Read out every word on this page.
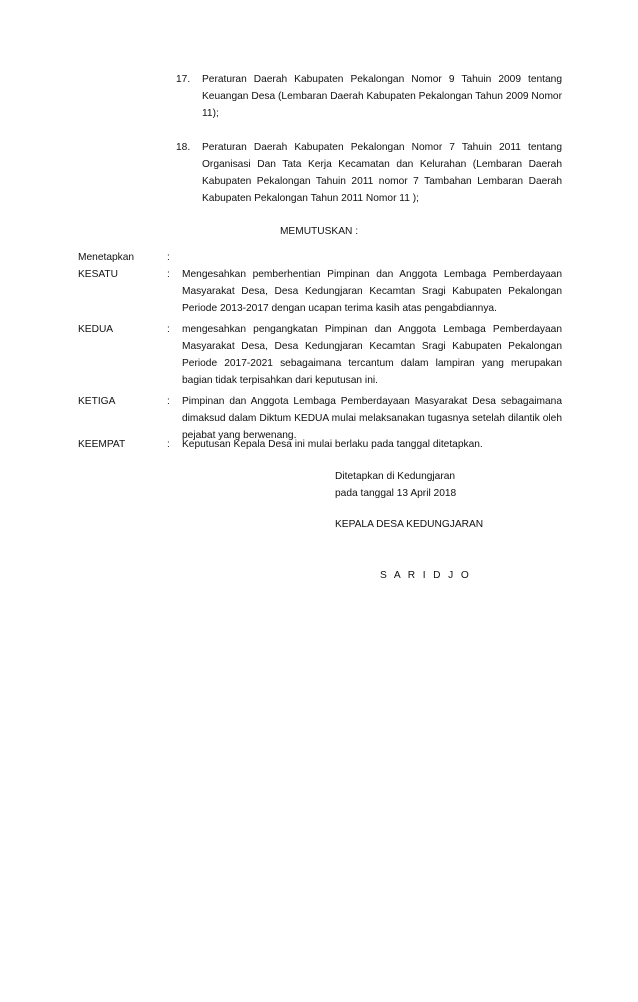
17.	Peraturan Daerah Kabupaten Pekalongan Nomor 9 Tahuin 2009 tentang Keuangan Desa (Lembaran Daerah Kabupaten Pekalongan Tahun 2009 Nomor 11);
18.	Peraturan Daerah Kabupaten Pekalongan Nomor 7 Tahuin 2011 tentang Organisasi Dan Tata Kerja Kecamatan dan Kelurahan (Lembaran Daerah Kabupaten Pekalongan Tahuin 2011 nomor 7 Tambahan Lembaran Daerah Kabupaten Pekalongan Tahun 2011 Nomor 11 );
MEMUTUSKAN :
Menetapkan	:
KESATU	:	Mengesahkan pemberhentian Pimpinan dan Anggota Lembaga Pemberdayaan Masyarakat Desa, Desa Kedungjaran Kecamtan Sragi Kabupaten Pekalongan Periode 2013-2017 dengan ucapan terima kasih atas pengabdiannya.
KEDUA	:	mengesahkan pengangkatan Pimpinan dan Anggota Lembaga Pemberdayaan Masyarakat Desa, Desa Kedungjaran Kecamtan Sragi Kabupaten Pekalongan Periode 2017-2021 sebagaimana tercantum dalam lampiran yang merupakan bagian tidak terpisahkan dari keputusan ini.
KETIGA	:	Pimpinan dan Anggota Lembaga Pemberdayaan Masyarakat Desa sebagaimana dimaksud dalam Diktum KEDUA mulai melaksanakan tugasnya setelah dilantik oleh pejabat yang berwenang.
KEEMPAT	:	Keputusan Kepala Desa ini mulai berlaku pada tanggal ditetapkan.
Ditetapkan di Kedungjaran
pada tanggal 13 April 2018
KEPALA DESA KEDUNGJARAN
S A R I D J O
